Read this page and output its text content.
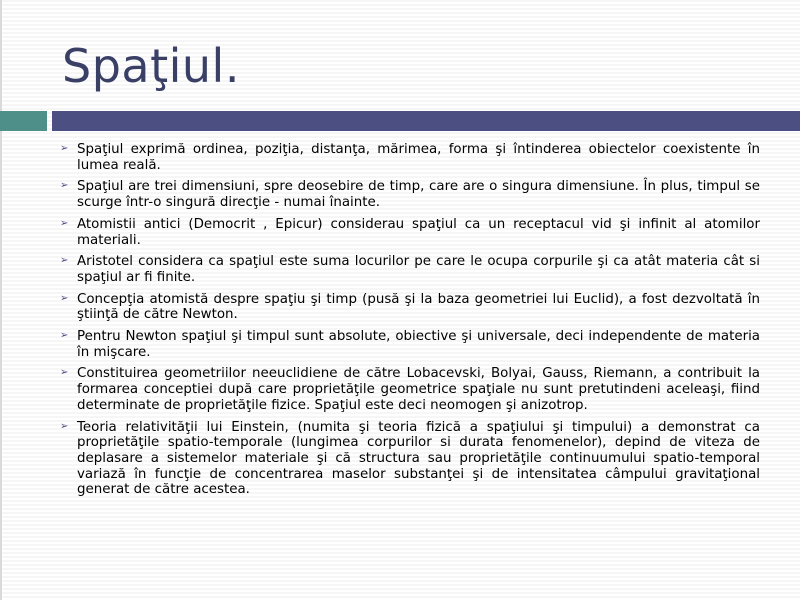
Spaţiul.
➢ Spaţiul exprimă ordinea, poziţia, distanţa, mărimea, forma şi întinderea obiectelor coexistente în lumea reală.
➢ Spaţiul are trei dimensiuni, spre deosebire de timp, care are o singura dimensiune. În plus, timpul se scurge într-o singură direcţie - numai înainte.
➢ Atomistii antici (Democrit , Epicur) considerau spaţiul ca un receptacul vid şi infinit al atomilor materiali.
➢ Aristotel considera ca spaţiul este suma locurilor pe care le ocupa corpurile şi ca atât materia cât si spaţiul ar fi finite.
➢ Concepţia atomistă despre spaţiu şi timp (pusă şi la baza geometriei lui Euclid), a fost dezvoltată în ştiinţă de către Newton.
➢ Pentru Newton spaţiul şi timpul sunt absolute, obiective şi universale, deci independente de materia în mişcare.
➢ Constituirea geometriilor neeuclidiene de către Lobacevski, Bolyai, Gauss, Riemann, a contribuit la formarea conceptiei după care proprietăţile geometrice spaţiale nu sunt pretutindeni aceleaşi, fiind determinate de proprietăţile fizice. Spaţiul este deci neomogen şi anizotrop.
➢ Teoria relativităţii lui Einstein, (numita şi teoria fizică a spaţiului şi timpului) a demonstrat ca proprietăţile spatio-temporale (lungimea corpurilor si durata fenomenelor), depind de viteza de deplasare a sistemelor materiale şi că structura sau proprietăţile continuumului spatio-temporal variază în funcţie de concentrarea maselor substanţei şi de intensitatea câmpului gravitaţional generat de către acestea.
